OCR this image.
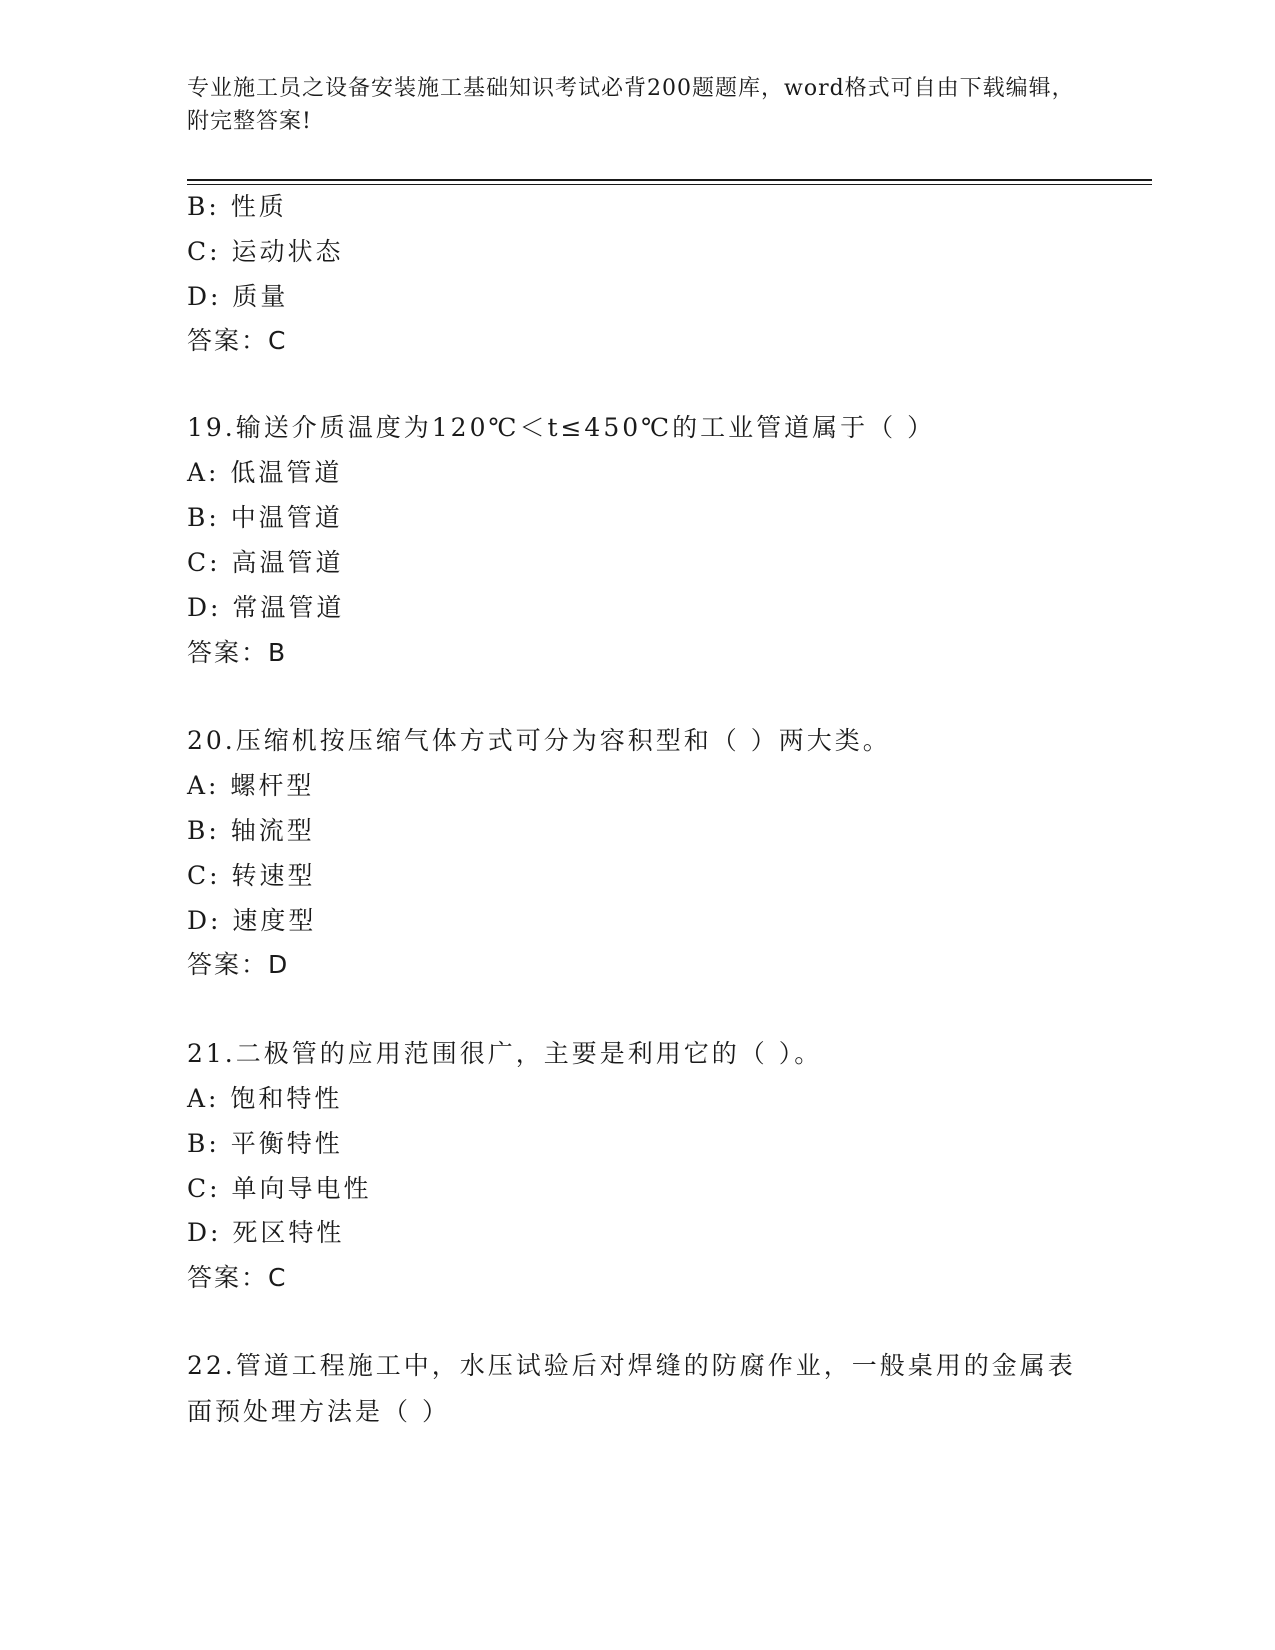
专业施工员之设备安装施工基础知识考试必背200题题库，word格式可自由下载编辑，附完整答案!
B: 性质
C: 运动状态
D: 质量
答案：C
19.输送介质温度为120℃＜t≤450℃的工业管道属于（ ）
A: 低温管道
B: 中温管道
C: 高温管道
D: 常温管道
答案：B
20.压缩机按压缩气体方式可分为容积型和（ ）两大类。
A: 螺杆型
B: 轴流型
C: 转速型
D: 速度型
答案：D
21.二极管的应用范围很广，主要是利用它的（ ）。
A: 饱和特性
B: 平衡特性
C: 单向导电性
D: 死区特性
答案：C
22.管道工程施工中，水压试验后对焊缝的防腐作业，一般桌用的金属表面预处理方法是（ ）
